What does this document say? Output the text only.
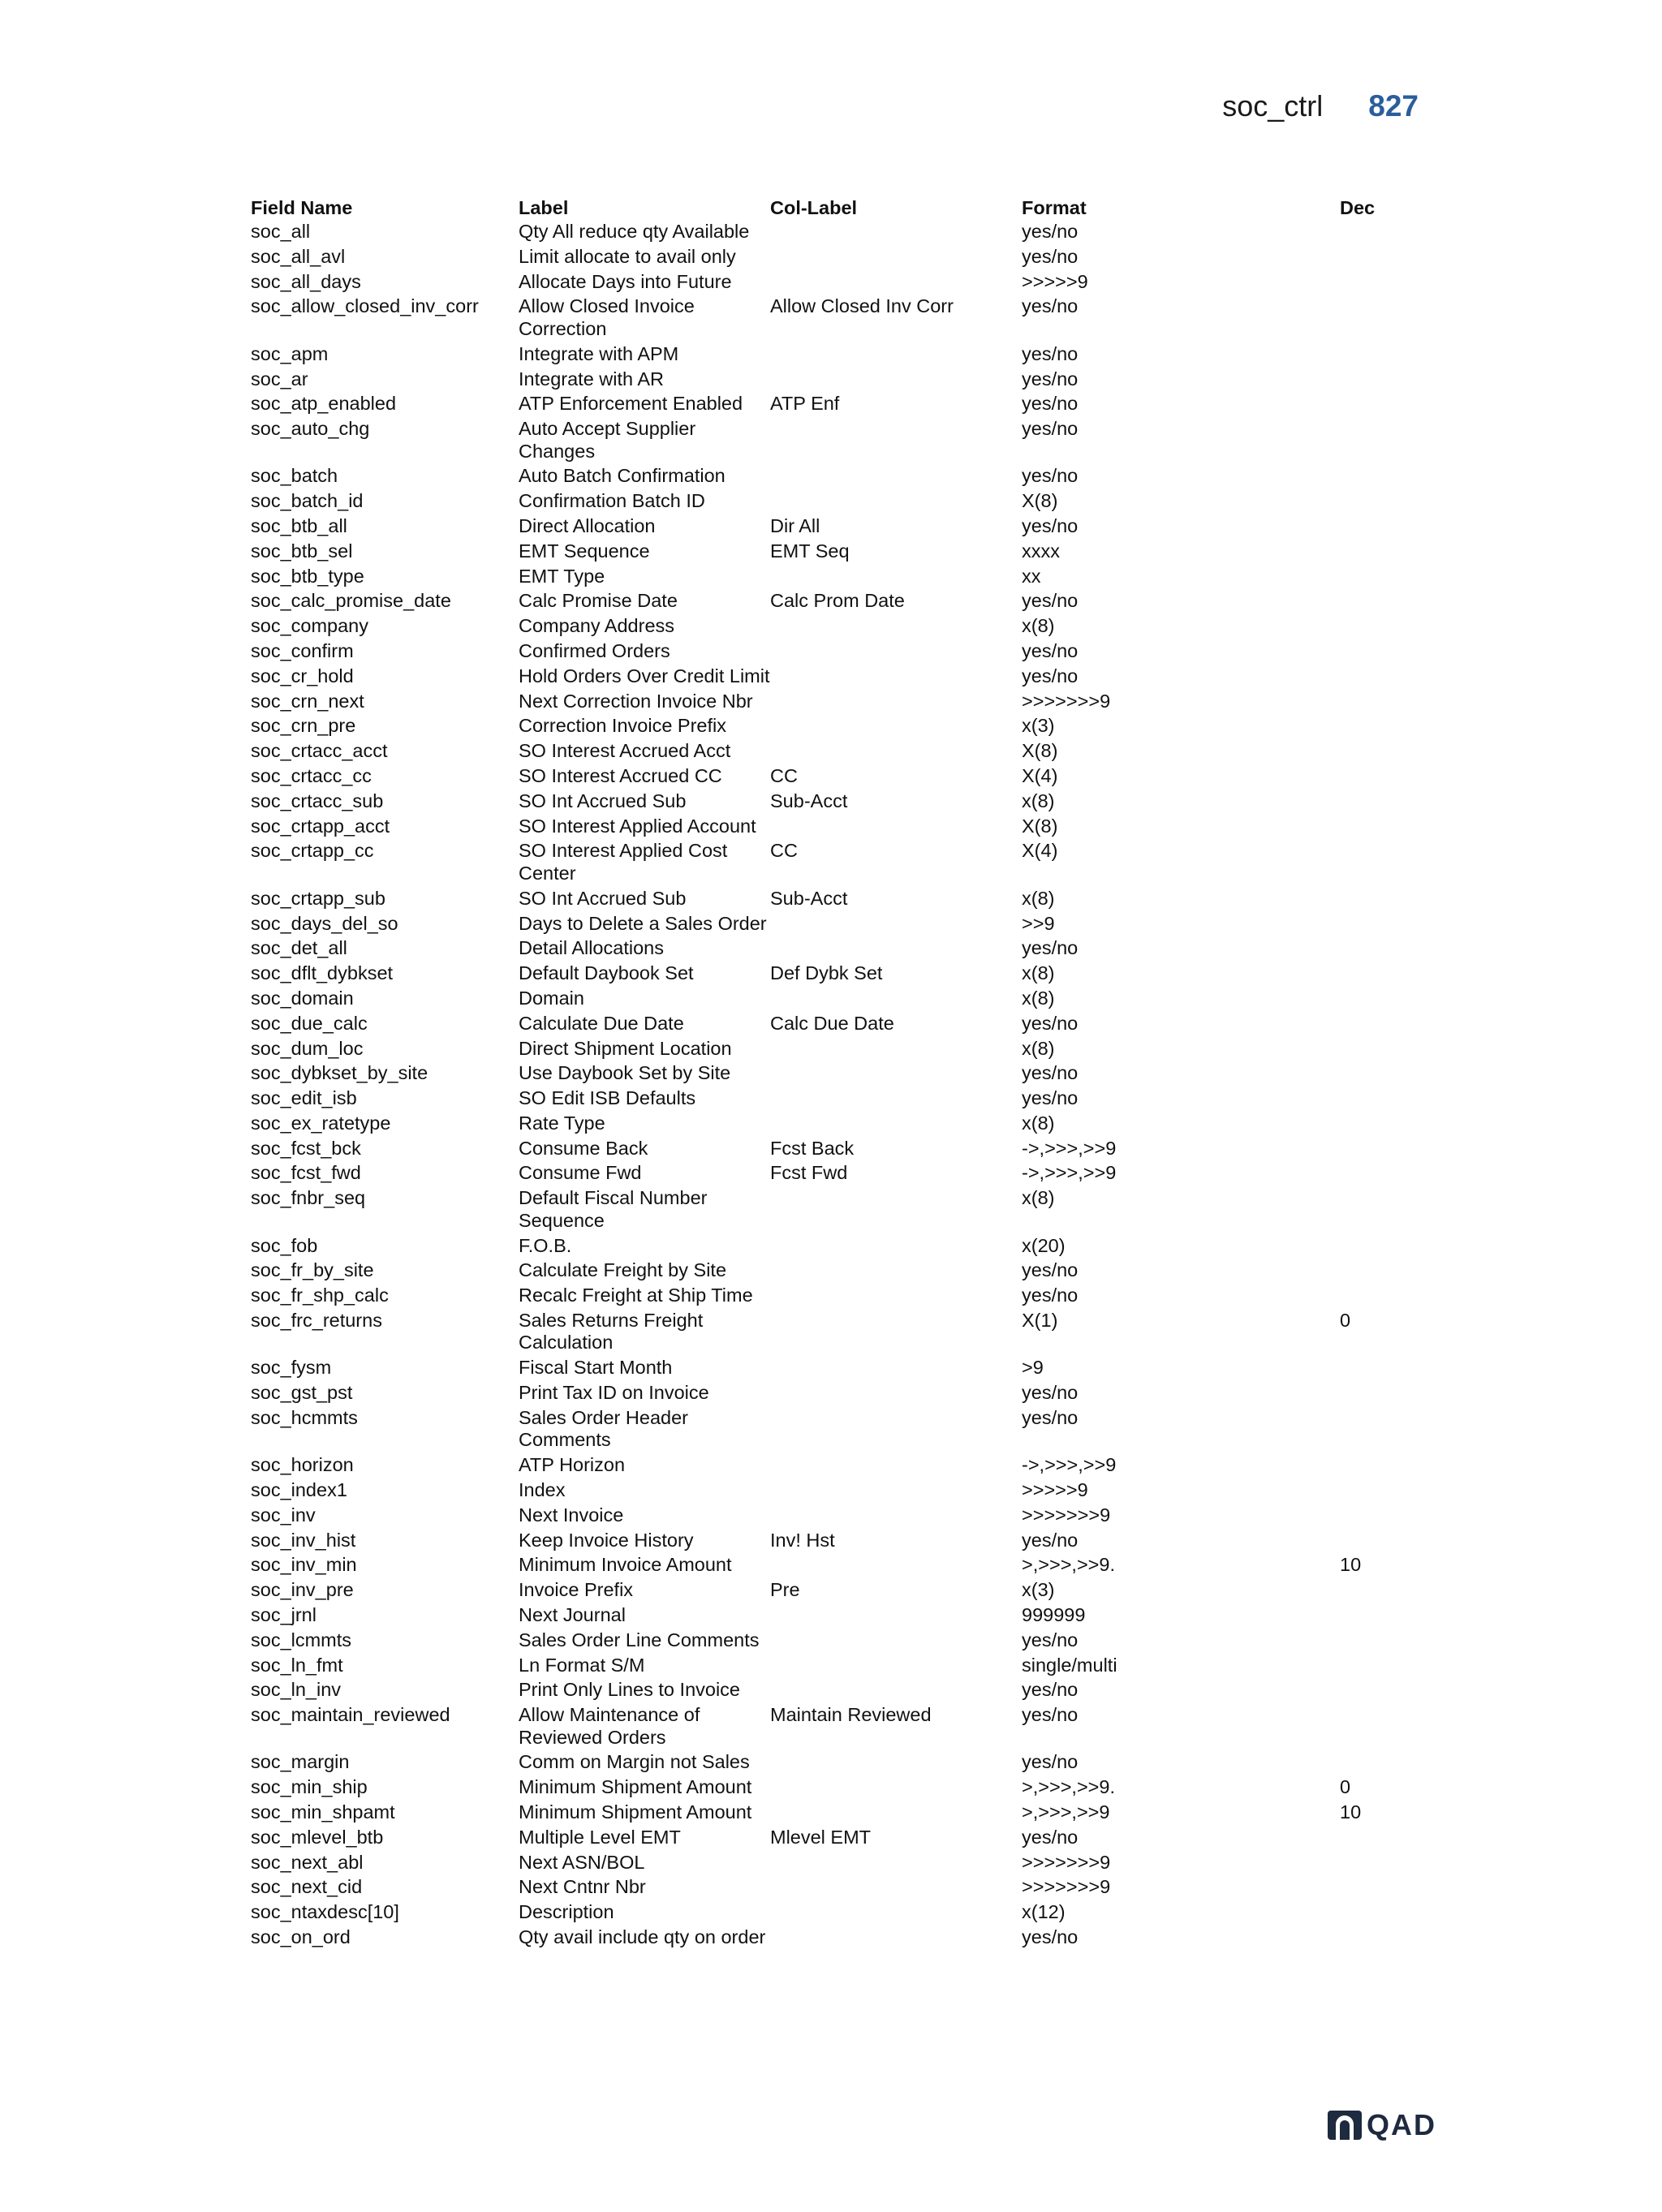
soc_ctrl 827
Field Name	Label	Col-Label	Format	Dec
soc_all	Qty All reduce qty Available		yes/no	
soc_all_avl	Limit allocate to avail only		yes/no	
soc_all_days	Allocate Days into Future		>>>>>9	
soc_allow_closed_inv_corr	Allow Closed Invoice Correction	Allow Closed Inv Corr	yes/no	
soc_apm	Integrate with APM		yes/no	
soc_ar	Integrate with AR		yes/no	
soc_atp_enabled	ATP Enforcement Enabled	ATP Enf	yes/no	
soc_auto_chg	Auto Accept Supplier Changes		yes/no	
soc_batch	Auto Batch Confirmation		yes/no	
soc_batch_id	Confirmation Batch ID		X(8)	
soc_btb_all	Direct Allocation	Dir All	yes/no	
soc_btb_sel	EMT Sequence	EMT Seq	xxxx	
soc_btb_type	EMT Type		xx	
soc_calc_promise_date	Calc Promise Date	Calc Prom Date	yes/no	
soc_company	Company Address		x(8)	
soc_confirm	Confirmed Orders		yes/no	
soc_cr_hold	Hold Orders Over Credit Limit		yes/no	
soc_crn_next	Next Correction Invoice Nbr		>>>>>>>9	
soc_crn_pre	Correction Invoice Prefix		x(3)	
soc_crtacc_acct	SO Interest Accrued Acct		X(8)	
soc_crtacc_cc	SO Interest Accrued CC	CC	X(4)	
soc_crtacc_sub	SO Int Accrued Sub	Sub-Acct	x(8)	
soc_crtapp_acct	SO Interest Applied Account		X(8)	
soc_crtapp_cc	SO Interest Applied Cost Center	CC	X(4)	
soc_crtapp_sub	SO Int Accrued Sub	Sub-Acct	x(8)	
soc_days_del_so	Days to Delete a Sales Order		>>9	
soc_det_all	Detail Allocations		yes/no	
soc_dflt_dybkset	Default Daybook Set	Def Dybk Set	x(8)	
soc_domain	Domain		x(8)	
soc_due_calc	Calculate Due Date	Calc Due Date	yes/no	
soc_dum_loc	Direct Shipment Location		x(8)	
soc_dybkset_by_site	Use Daybook Set by Site		yes/no	
soc_edit_isb	SO Edit ISB Defaults		yes/no	
soc_ex_ratetype	Rate Type		x(8)	
soc_fcst_bck	Consume Back	Fcst Back	->,>>>,>>9	
soc_fcst_fwd	Consume Fwd	Fcst Fwd	->,>>>,>>9	
soc_fnbr_seq	Default Fiscal Number Sequence		x(8)	
soc_fob	F.O.B.		x(20)	
soc_fr_by_site	Calculate Freight by Site		yes/no	
soc_fr_shp_calc	Recalc Freight at Ship Time		yes/no	
soc_frc_returns	Sales Returns Freight Calculation		X(1)	0
soc_fysm	Fiscal Start Month		>9	
soc_gst_pst	Print Tax ID on Invoice		yes/no	
soc_hcmmts	Sales Order Header Comments		yes/no	
soc_horizon	ATP Horizon		->,>>>,>>9	
soc_index1	Index		>>>>>9	
soc_inv	Next Invoice		>>>>>>>9	
soc_inv_hist	Keep Invoice History	Inv! Hst	yes/no	
soc_inv_min	Minimum Invoice Amount		>,>>>,>>9.	10
soc_inv_pre	Invoice Prefix	Pre	x(3)	
soc_jrnl	Next Journal		999999	
soc_lcmmts	Sales Order Line Comments		yes/no	
soc_ln_fmt	Ln Format S/M		single/multi	
soc_ln_inv	Print Only Lines to Invoice		yes/no	
soc_maintain_reviewed	Allow Maintenance of Reviewed Orders	Maintain Reviewed	yes/no	
soc_margin	Comm on Margin not Sales		yes/no	
soc_min_ship	Minimum Shipment Amount		>,>>>,>>9.	0
soc_min_shpamt	Minimum Shipment Amount		>,>>>,>>9	10
soc_mlevel_btb	Multiple Level EMT	Mlevel EMT	yes/no	
soc_next_abl	Next ASN/BOL		>>>>>>>9	
soc_next_cid	Next Cntnr Nbr		>>>>>>>9	
soc_ntaxdesc[10]	Description		x(12)	
soc_on_ord	Qty avail include qty on order		yes/no	
QAD
